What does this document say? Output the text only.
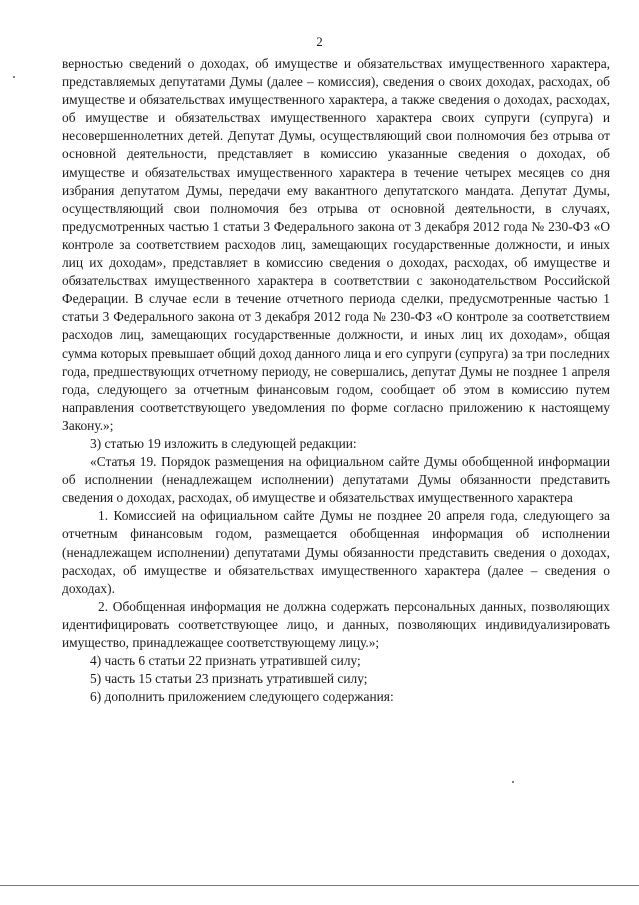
2

верностью сведений о доходах, об имуществе и обязательствах имущественного характера, представляемых депутатами Думы (далее – комиссия), сведения о своих доходах, расходах, об имуществе и обязательствах имущественного характера, а также сведения о доходах, расходах, об имуществе и обязательствах имущественного характера своих супруги (супруга) и несовершеннолетних детей. Депутат Думы, осуществляющий свои полномочия без отрыва от основной деятельности, представляет в комиссию указанные сведения о доходах, об имуществе и обязательствах имущественного характера в течение четырех месяцев со дня избрания депутатом Думы, передачи ему вакантного депутатского мандата. Депутат Думы, осуществляющий свои полномочия без отрыва от основной деятельности, в случаях, предусмотренных частью 1 статьи 3 Федерального закона от 3 декабря 2012 года № 230-ФЗ «О контроле за соответствием расходов лиц, замещающих государственные должности, и иных лиц их доходам», представляет в комиссию сведения о доходах, расходах, об имуществе и обязательствах имущественного характера в соответствии с законодательством Российской Федерации. В случае если в течение отчетного периода сделки, предусмотренные частью 1 статьи 3 Федерального закона от 3 декабря 2012 года № 230-ФЗ «О контроле за соответствием расходов лиц, замещающих государственные должности, и иных лиц их доходам», общая сумма которых превышает общий доход данного лица и его супруги (супруга) за три последних года, предшествующих отчетному периоду, не совершались, депутат Думы не позднее 1 апреля года, следующего за отчетным финансовым годом, сообщает об этом в комиссию путем направления соответствующего уведомления по форме согласно приложению к настоящему Закону.»;

3) статью 19 изложить в следующей редакции:

«Статья 19. Порядок размещения на официальном сайте Думы обобщенной информации об исполнении (ненадлежащем исполнении) депутатами Думы обязанности представить сведения о доходах, расходах, об имуществе и обязательствах имущественного характера

1. Комиссией на официальном сайте Думы не позднее 20 апреля года, следующего за отчетным финансовым годом, размещается обобщенная информация об исполнении (ненадлежащем исполнении) депутатами Думы обязанности представить сведения о доходах, расходах, об имуществе и обязательствах имущественного характера (далее – сведения о доходах).

2. Обобщенная информация не должна содержать персональных данных, позволяющих идентифицировать соответствующее лицо, и данных, позволяющих индивидуализировать имущество, принадлежащее соответствующему лицу.»;

4) часть 6 статьи 22 признать утратившей силу;

5) часть 15 статьи 23 признать утратившей силу;

6) дополнить приложением следующего содержания:
